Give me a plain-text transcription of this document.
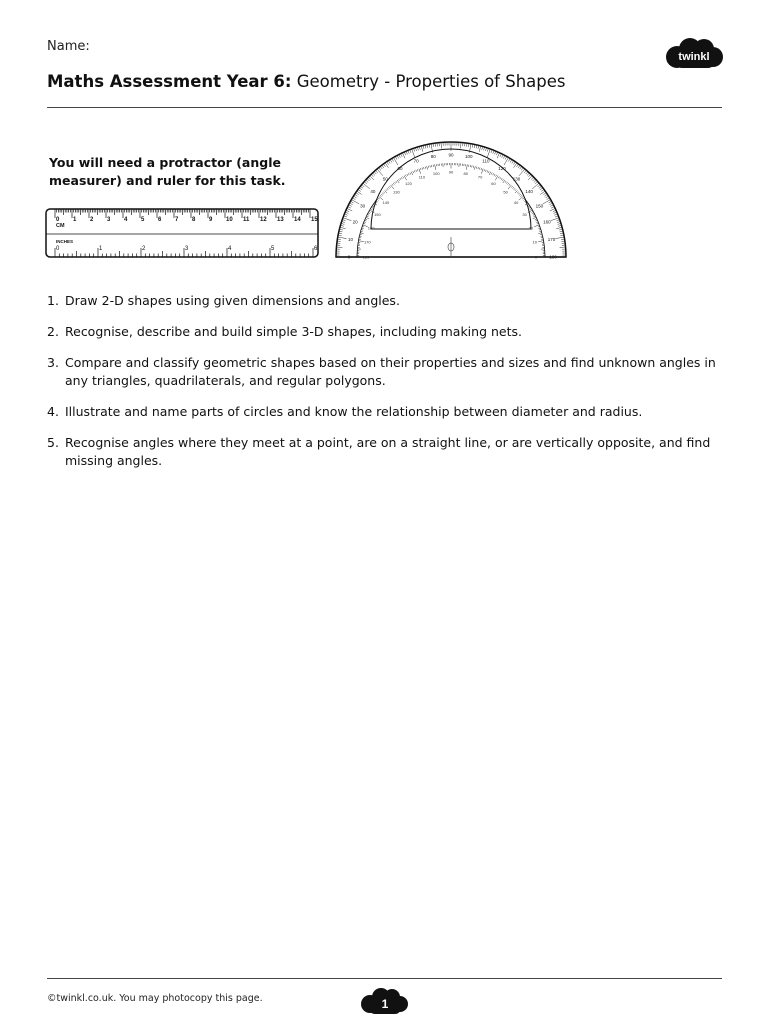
Name:
twinkl
Maths Assessment Year 6: Geometry - Properties of Shapes
You will need a protractor (angle
measurer) and ruler for this task.
0 1 2 3 4 5 6 7 8 9 10 11 12 13 14 15
0	1	2	3	4	5	6
CM
INCHES
0
10
20
30
40
50
60
70
80	90	100
110
120
130
140
150
160
170
180
180
170
160
150
140
130
120
110
100 90	80
70
60
50
40
30
20
10
0
1. Draw 2-D shapes using given dimensions and angles.
2. Recognise, describe and build simple 3-D shapes, including making nets.
3. Compare and classify geometric shapes based on their properties and sizes and find unknown angles in any triangles, quadrilaterals, and regular polygons.
4. Illustrate and name parts of circles and know the relationship between diameter and radius.
5. Recognise angles where they meet at a point, are on a straight line, or are vertically opposite, and find missing angles.
©twinkl.co.uk. You may photocopy this page.	1
